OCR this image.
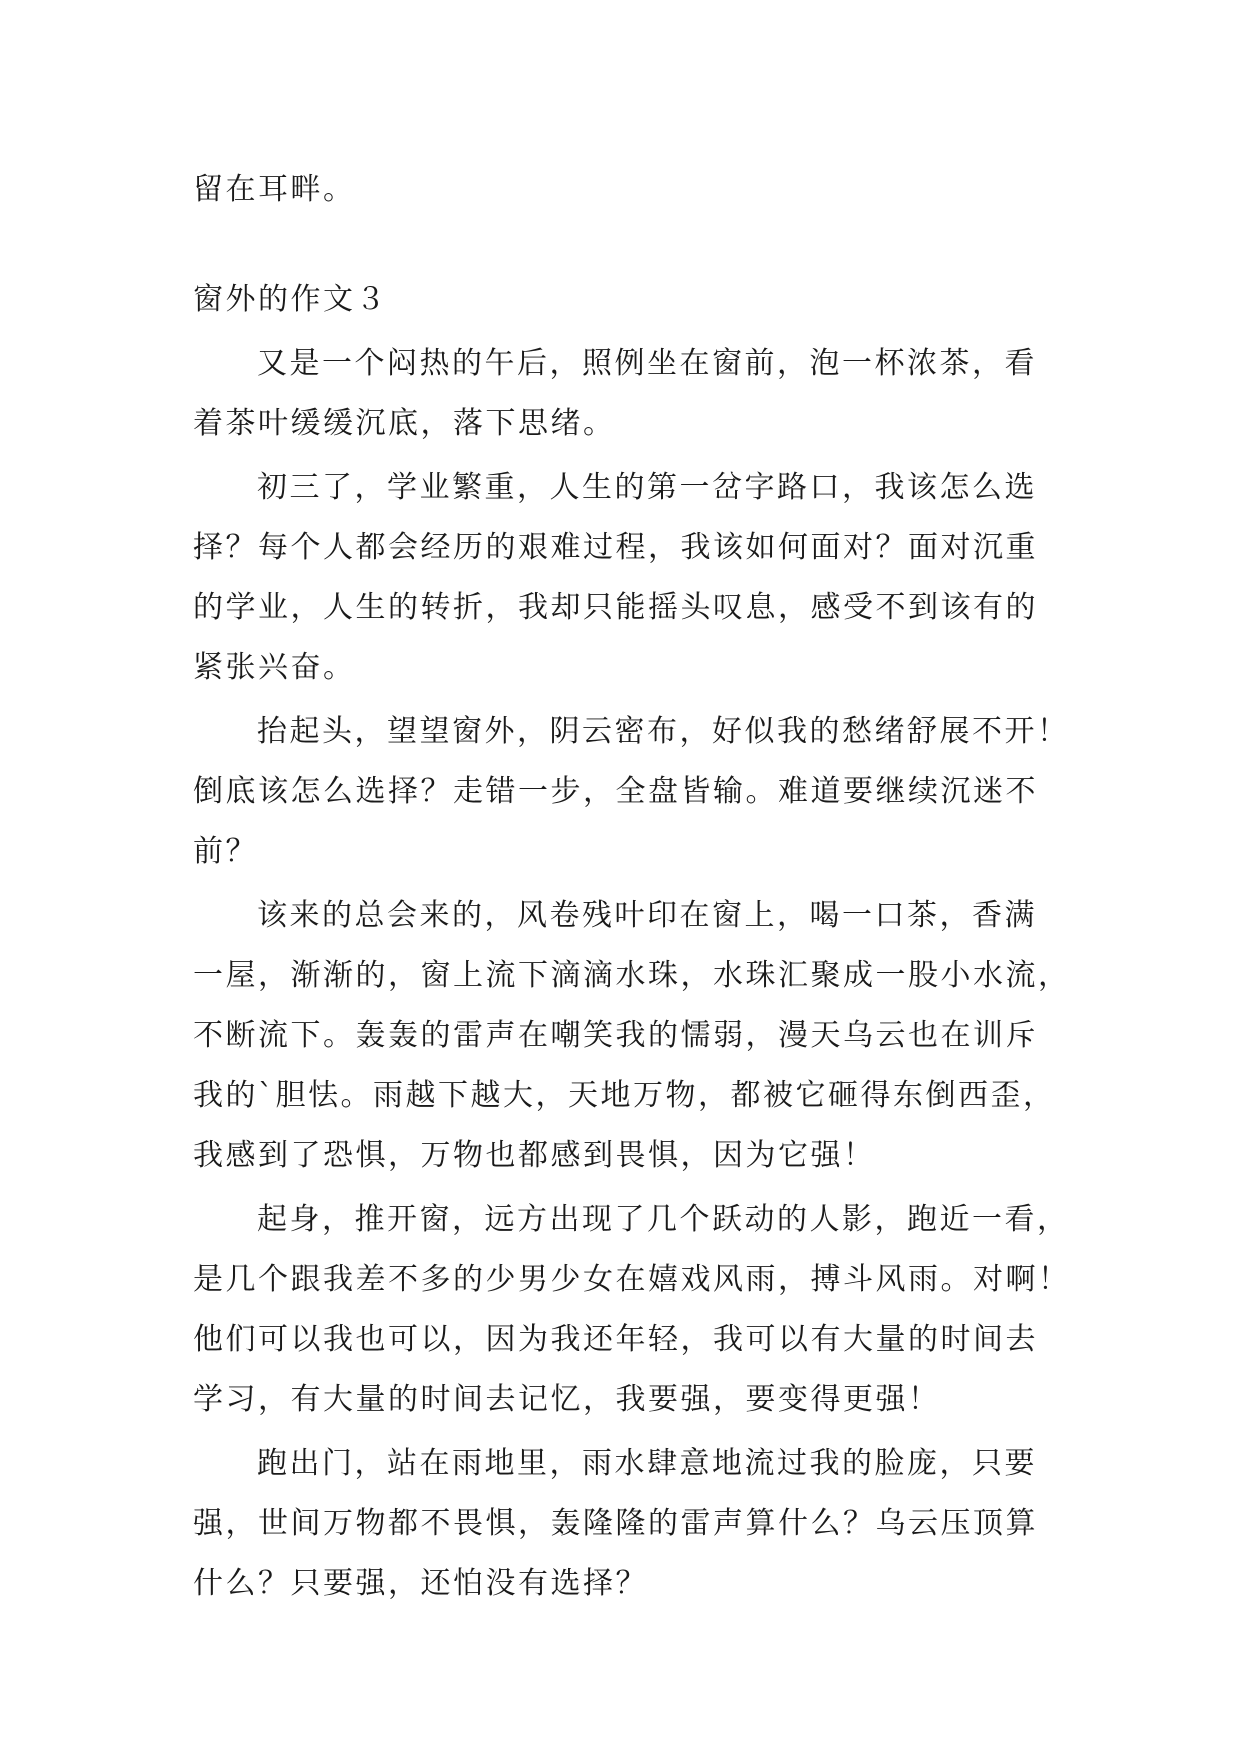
留在耳畔。
窗外的作文３
又是一个闷热的午后，照例坐在窗前，泡一杯浓茶，看
着茶叶缓缓沉底，落下思绪。
初三了，学业繁重，人生的第一岔字路口，我该怎么选
择？每个人都会经历的艰难过程，我该如何面对？面对沉重
的学业，人生的转折，我却只能摇头叹息，感受不到该有的
紧张兴奋。
抬起头，望望窗外，阴云密布，好似我的愁绪舒展不开！
倒底该怎么选择？走错一步，全盘皆输。难道要继续沉迷不
前？
该来的总会来的，风卷残叶印在窗上，喝一口茶，香满
一屋，渐渐的，窗上流下滴滴水珠，水珠汇聚成一股小水流，
不断流下。轰轰的雷声在嘲笑我的懦弱，漫天乌云也在训斥
我的`胆怯。雨越下越大，天地万物，都被它砸得东倒西歪，
我感到了恐惧，万物也都感到畏惧，因为它强！
起身，推开窗，远方出现了几个跃动的人影，跑近一看，
是几个跟我差不多的少男少女在嬉戏风雨，搏斗风雨。对啊！
他们可以我也可以，因为我还年轻，我可以有大量的时间去
学习，有大量的时间去记忆，我要强，要变得更强！
跑出门，站在雨地里，雨水肆意地流过我的脸庞，只要
强，世间万物都不畏惧，轰隆隆的雷声算什么？乌云压顶算
什么？只要强，还怕没有选择？
